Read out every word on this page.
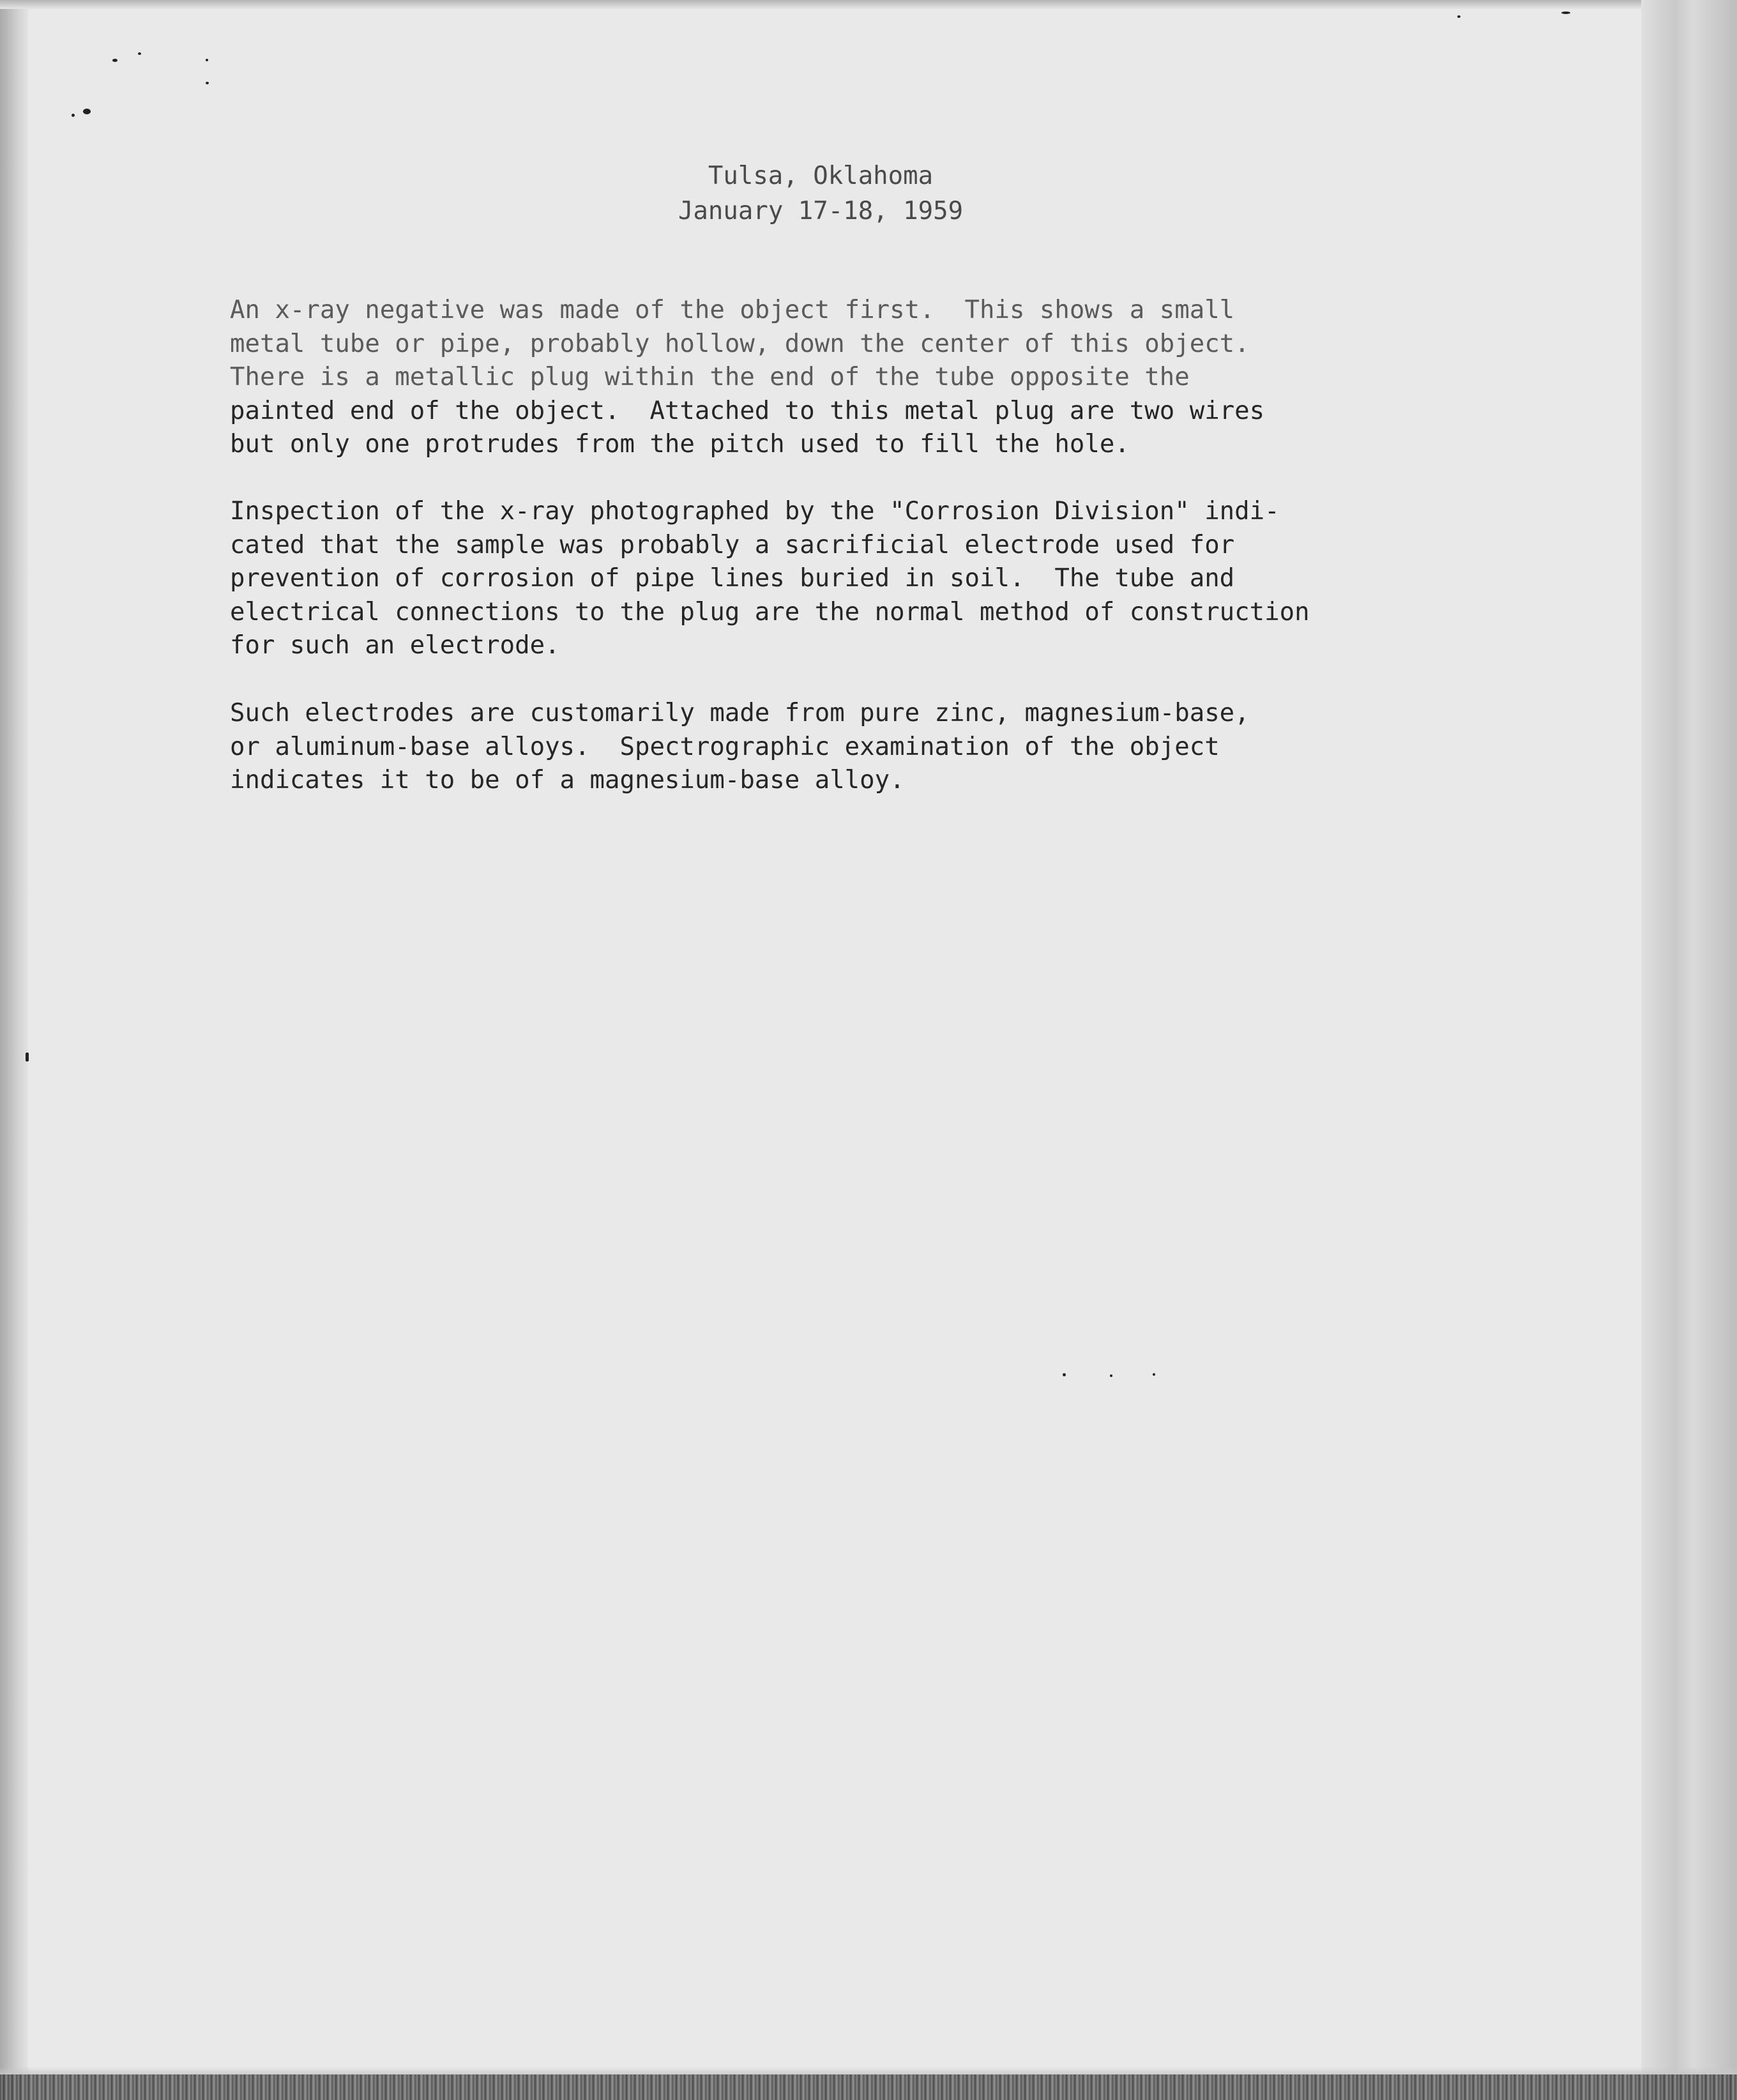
Tulsa, Oklahoma
January 17-18, 1959
An x-ray negative was made of the object first.  This shows a small
metal tube or pipe, probably hollow, down the center of this object.
There is a metallic plug within the end of the tube opposite the
painted end of the object.  Attached to this metal plug are two wires
but only one protrudes from the pitch used to fill the hole.
Inspection of the x-ray photographed by the "Corrosion Division" indi-
cated that the sample was probably a sacrificial electrode used for
prevention of corrosion of pipe lines buried in soil.  The tube and
electrical connections to the plug are the normal method of construction
for such an electrode.
Such electrodes are customarily made from pure zinc, magnesium-base,
or aluminum-base alloys.  Spectrographic examination of the object
indicates it to be of a magnesium-base alloy.
